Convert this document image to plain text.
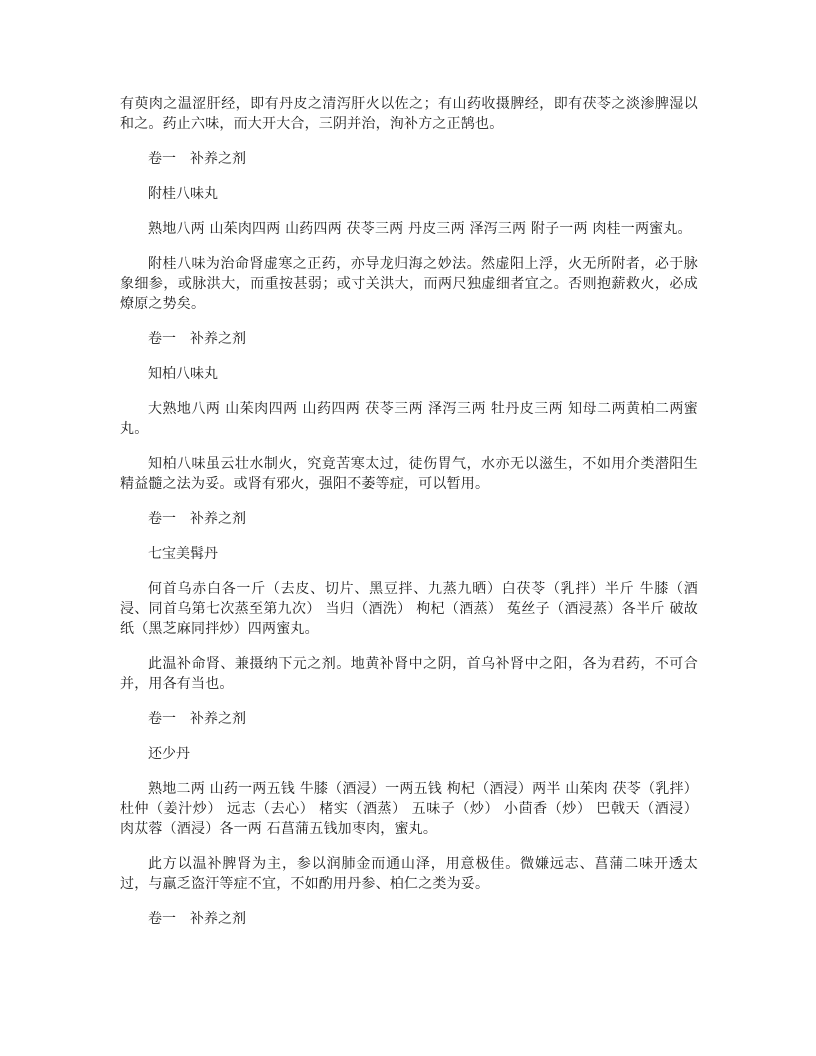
有萸肉之温涩肝经，即有丹皮之清泻肝火以佐之；有山药收摄脾经，即有茯苓之淡渗脾湿以和之。药止六味，而大开大合，三阴并治，洵补方之正鹄也。

卷一　补养之剂

附桂八味丸

熟地八两 山茱肉四两 山药四两 茯苓三两 丹皮三两 泽泻三两 附子一两 肉桂一两蜜丸。

附桂八味为治命肾虚寒之正药，亦导龙归海之妙法。然虚阳上浮，火无所附者，必于脉象细参，或脉洪大，而重按甚弱；或寸关洪大，而两尺独虚细者宜之。否则抱薪救火，必成燎原之势矣。

卷一　补养之剂

知柏八味丸

大熟地八两 山茱肉四两 山药四两 茯苓三两 泽泻三两 牡丹皮三两 知母二两黄柏二两蜜丸。

知柏八味虽云壮水制火，究竟苦寒太过，徒伤胃气，水亦无以滋生，不如用介类潜阳生精益髓之法为妥。或肾有邪火，强阳不萎等症，可以暂用。

卷一　补养之剂

七宝美髯丹

何首乌赤白各一斤（去皮、切片、黑豆拌、九蒸九晒）白茯苓（乳拌）半斤 牛膝（酒浸、同首乌第七次蒸至第九次） 当归（酒洗） 枸杞（酒蒸） 菟丝子（酒浸蒸）各半斤 破故纸（黑芝麻同拌炒）四两蜜丸。

此温补命肾、兼摄纳下元之剂。地黄补肾中之阴，首乌补肾中之阳，各为君药，不可合并，用各有当也。

卷一　补养之剂

还少丹

熟地二两 山药一两五钱 牛膝（酒浸）一两五钱 枸杞（酒浸）两半 山茱肉 茯苓（乳拌）杜仲（姜汁炒） 远志（去心） 楮实（酒蒸） 五味子（炒） 小茴香（炒） 巴戟天（酒浸） 肉苁蓉（酒浸）各一两 石菖蒲五钱加枣肉，蜜丸。

此方以温补脾肾为主，参以润肺金而通山泽，用意极佳。微嫌远志、菖蒲二味开透太过，与羸乏盗汗等症不宜，不如酌用丹参、柏仁之类为妥。

卷一　补养之剂
